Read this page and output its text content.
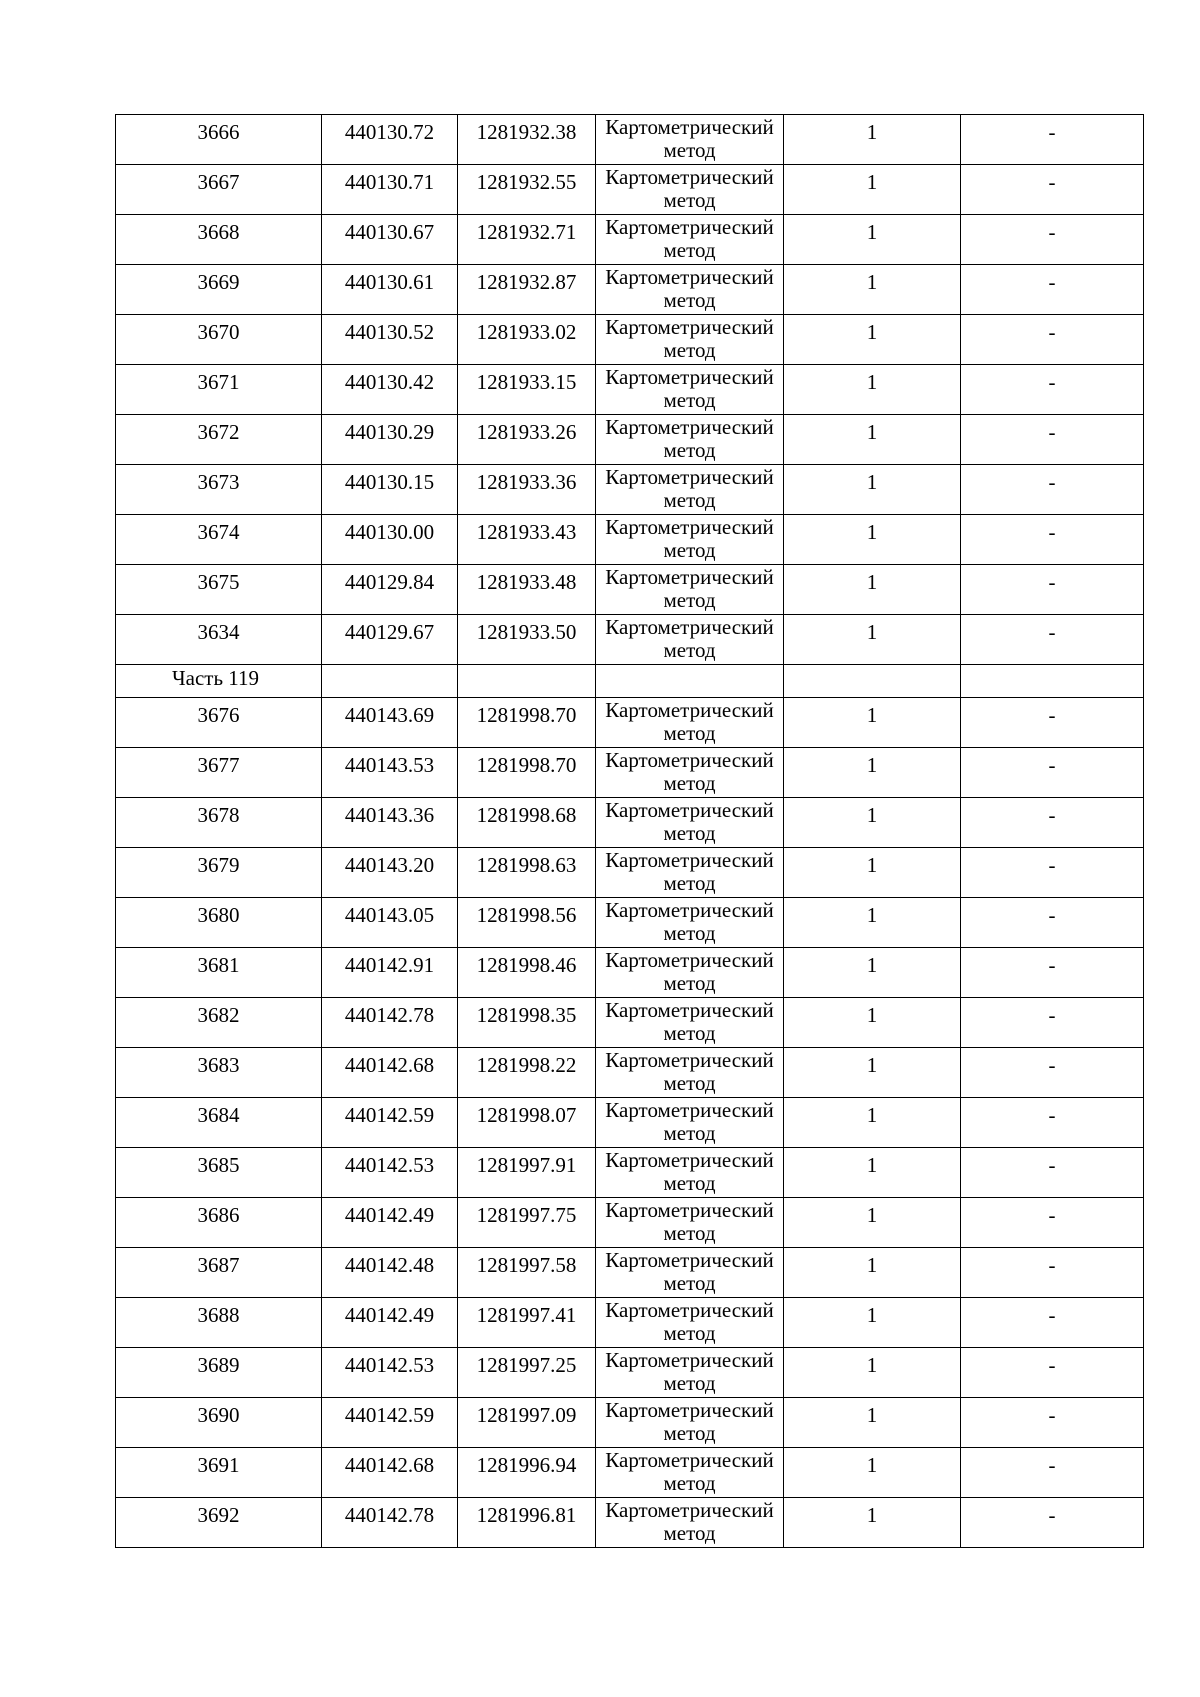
3666	440130.72	1281932.38	Картометрический
метод	1	-
3667	440130.71	1281932.55	Картометрический
метод	1	-
3668	440130.67	1281932.71	Картометрический
метод	1	-
3669	440130.61	1281932.87	Картометрический
метод	1	-
3670	440130.52	1281933.02	Картометрический
метод	1	-
3671	440130.42	1281933.15	Картометрический
метод	1	-
3672	440130.29	1281933.26	Картометрический
метод	1	-
3673	440130.15	1281933.36	Картометрический
метод	1	-
3674	440130.00	1281933.43	Картометрический
метод	1	-
3675	440129.84	1281933.48	Картометрический
метод	1	-
3634	440129.67	1281933.50	Картометрический
метод	1	-
Часть 119					
3676	440143.69	1281998.70	Картометрический
метод	1	-
3677	440143.53	1281998.70	Картометрический
метод	1	-
3678	440143.36	1281998.68	Картометрический
метод	1	-
3679	440143.20	1281998.63	Картометрический
метод	1	-
3680	440143.05	1281998.56	Картометрический
метод	1	-
3681	440142.91	1281998.46	Картометрический
метод	1	-
3682	440142.78	1281998.35	Картометрический
метод	1	-
3683	440142.68	1281998.22	Картометрический
метод	1	-
3684	440142.59	1281998.07	Картометрический
метод	1	-
3685	440142.53	1281997.91	Картометрический
метод	1	-
3686	440142.49	1281997.75	Картометрический
метод	1	-
3687	440142.48	1281997.58	Картометрический
метод	1	-
3688	440142.49	1281997.41	Картометрический
метод	1	-
3689	440142.53	1281997.25	Картометрический
метод	1	-
3690	440142.59	1281997.09	Картометрический
метод	1	-
3691	440142.68	1281996.94	Картометрический
метод	1	-
3692	440142.78	1281996.81	Картометрический
метод	1	-
